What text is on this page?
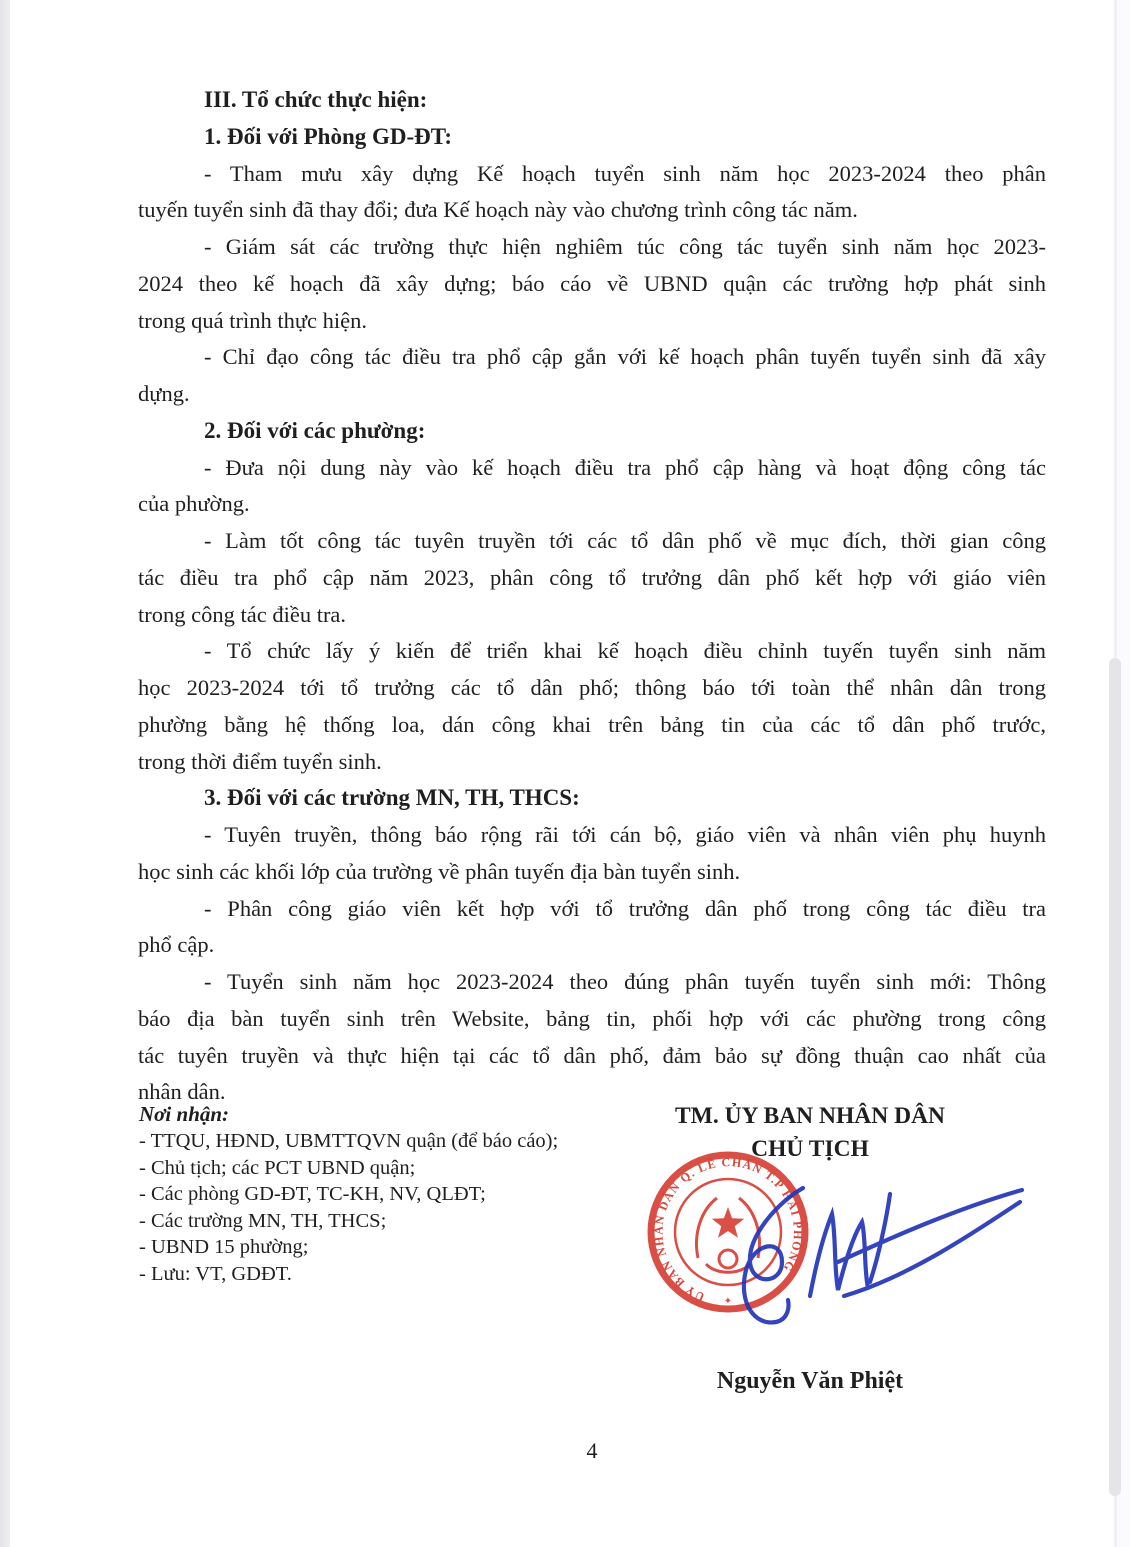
III. Tổ chức thực hiện:
1. Đối với Phòng GD-ĐT:
- Tham mưu xây dựng Kế hoạch tuyển sinh năm học 2023-2024 theo phân
tuyến tuyển sinh đã thay đổi; đưa Kế hoạch này vào chương trình công tác năm.
- Giám sát các trường thực hiện nghiêm túc công tác tuyển sinh năm học 2023-
2024 theo kế hoạch đã xây dựng; báo cáo về UBND quận các trường hợp phát sinh
trong quá trình thực hiện.
- Chỉ đạo công tác điều tra phổ cập gắn với kế hoạch phân tuyến tuyển sinh đã xây
dựng.
2. Đối với các phường:
- Đưa nội dung này vào kế hoạch điều tra phổ cập hàng và hoạt động công tác
của phường.
- Làm tốt công tác tuyên truyền tới các tổ dân phố về mục đích, thời gian công
tác điều tra phổ cập năm 2023, phân công tổ trưởng dân phố kết hợp với giáo viên
trong công tác điều tra.
- Tổ chức lấy ý kiến để triển khai kế hoạch điều chỉnh tuyến tuyển sinh năm
học 2023-2024 tới tổ trưởng các tổ dân phố; thông báo tới toàn thể nhân dân trong
phường bằng hệ thống loa, dán công khai trên bảng tin của các tổ dân phố trước,
trong thời điểm tuyển sinh.
3. Đối với các trường MN, TH, THCS:
- Tuyên truyền, thông báo rộng rãi tới cán bộ, giáo viên và nhân viên phụ huynh
học sinh các khối lớp của trường về phân tuyến địa bàn tuyển sinh.
- Phân công giáo viên kết hợp với tổ trưởng dân phố trong công tác điều tra
phổ cập.
- Tuyển sinh năm học 2023-2024 theo đúng phân tuyến tuyển sinh mới: Thông
báo địa bàn tuyển sinh trên Website, bảng tin, phối hợp với các phường trong công
tác tuyên truyền và thực hiện tại các tổ dân phố, đảm bảo sự đồng thuận cao nhất của
nhân dân.
Nơi nhận:
- TTQU, HĐND, UBMTTQVN quận (để báo cáo);
- Chủ tịch; các PCT UBND quận;
- Các phòng GD-ĐT, TC-KH, NV, QLĐT;
- Các trường MN, TH, THCS;
- UBND 15 phường;
- Lưu: VT, GDĐT.
TM. ỦY BAN NHÂN DÂN
CHỦ TỊCH
ỦY BAN NHÂN DÂN Q. LÊ CHÂN T.P HẢI PHÒNG
✦
Nguyễn Văn Phiệt
4
